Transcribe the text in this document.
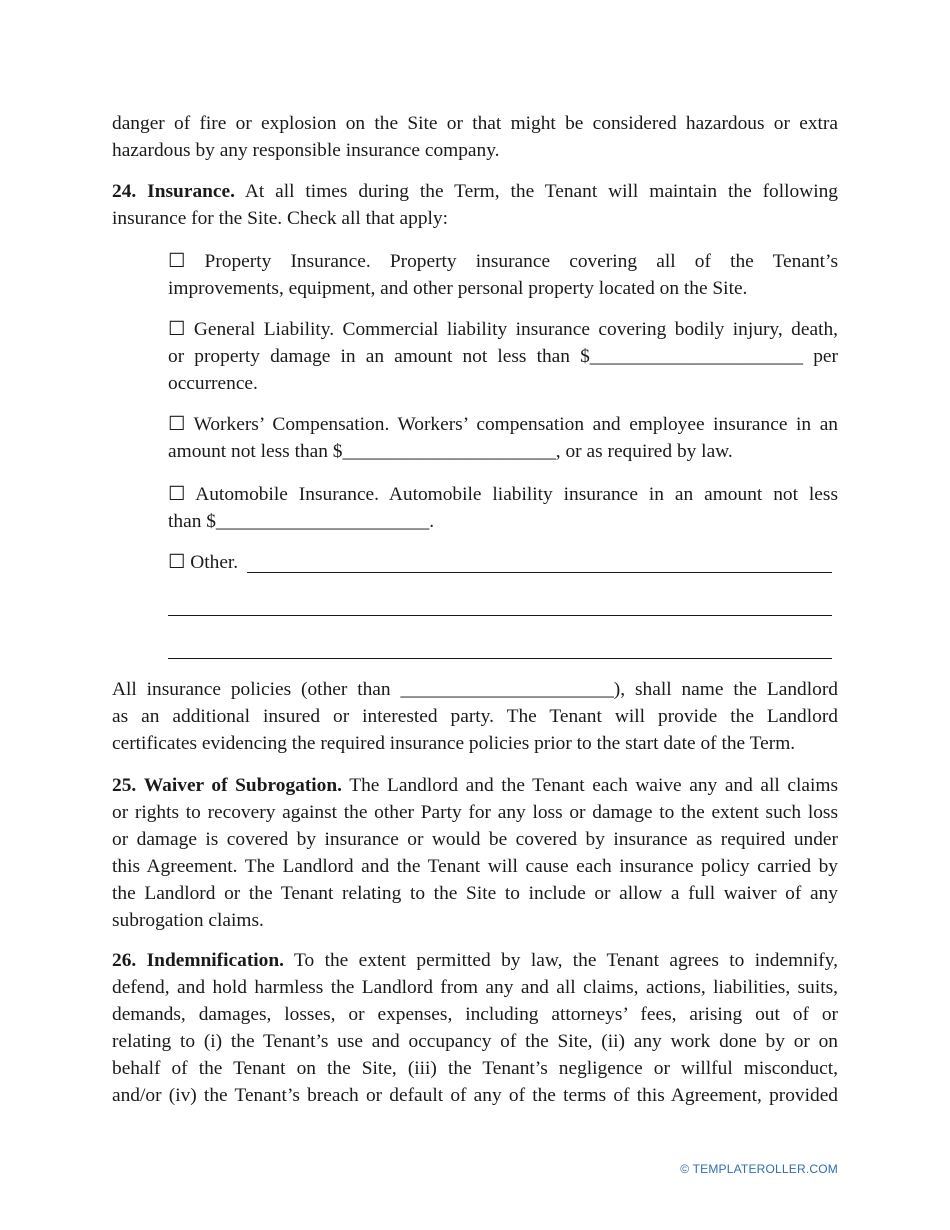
danger of fire or explosion on the Site or that might be considered hazardous or extra
hazardous by any responsible insurance company.

24. Insurance. At all times during the Term, the Tenant will maintain the following
insurance for the Site. Check all that apply:

☐ Property Insurance. Property insurance covering all of the Tenant’s
improvements, equipment, and other personal property located on the Site.

☐ General Liability. Commercial liability insurance covering bodily injury, death,
or property damage in an amount not less than $______________________ per
occurrence.

☐ Workers’ Compensation. Workers’ compensation and employee insurance in an
amount not less than $______________________, or as required by law.

☐ Automobile Insurance. Automobile liability insurance in an amount not less
than $______________________.

☐ Other.

All insurance policies (other than ______________________), shall name the Landlord
as an additional insured or interested party. The Tenant will provide the Landlord
certificates evidencing the required insurance policies prior to the start date of the Term.

25. Waiver of Subrogation. The Landlord and the Tenant each waive any and all claims
or rights to recovery against the other Party for any loss or damage to the extent such loss
or damage is covered by insurance or would be covered by insurance as required under
this Agreement. The Landlord and the Tenant will cause each insurance policy carried by
the Landlord or the Tenant relating to the Site to include or allow a full waiver of any
subrogation claims.

26. Indemnification. To the extent permitted by law, the Tenant agrees to indemnify,
defend, and hold harmless the Landlord from any and all claims, actions, liabilities, suits,
demands, damages, losses, or expenses, including attorneys’ fees, arising out of or
relating to (i) the Tenant’s use and occupancy of the Site, (ii) any work done by or on
behalf of the Tenant on the Site, (iii) the Tenant’s negligence or willful misconduct,
and/or (iv) the Tenant’s breach or default of any of the terms of this Agreement, provided

© TEMPLATEROLLER.COM
